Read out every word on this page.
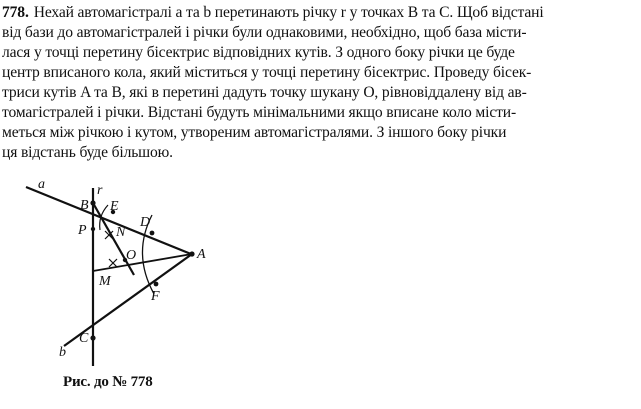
778. Нехай автомагістралі a та b перетинають річку r у точках B та C. Щоб відстані
від бази до автомагістралей і річки були однаковими, необхідно, щоб база місти-
лася у точці перетину бісектрис відповідних кутів. З одного боку річки це буде
центр вписаного кола, який міститься у точці перетину бісектрис. Проведу бісек-
триси кутів A та B, які в перетині дадуть точку шукану O, рівновіддалену від ав-
томагістралей і річки. Відстані будуть мінімальними якщо вписане коло місти-
меться між річкою і кутом, утвореним автомагістралями. З іншого боку річки
ця відстань буде більшою.
a
b
r
B
C
A
E
D
N
P
O
M
F
Рис. до № 778
